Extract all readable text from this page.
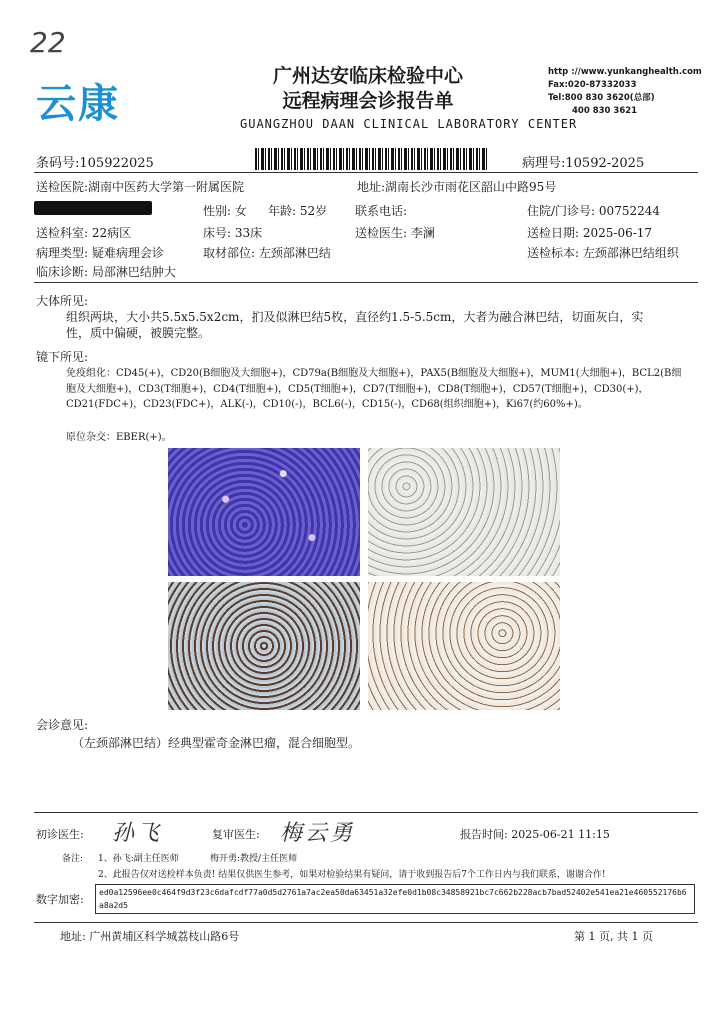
22
云康
广州达安临床检验中心
远程病理会诊报告单
GUANGZHOU DAAN CLINICAL LABORATORY CENTER
http ://www.yunkanghealth.com
Fax:020-87332033
Tel:800 830 3620(总部)
400 830 3621
条码号:105922025	病理号:10592-2025
送检医院:湖南中医药大学第一附属医院	地址:湖南长沙市雨花区韶山中路95号
性别: 女 年龄: 52岁 联系电话:	住院/门诊号: 00752244
送检科室: 22病区	床号: 33床	送检医生: 李澜	送检日期: 2025-06-17
病理类型: 疑难病理会诊	取材部位: 左颈部淋巴结	送检标本: 左颈部淋巴结组织
临床诊断: 局部淋巴结肿大
大体所见:
组织两块，大小共5.5x5.5x2cm，扪及似淋巴结5枚，直径约1.5-5.5cm，大者为融合淋巴结，切面灰白，实性，质中偏硬，被膜完整。
镜下所见:
免疫组化：CD45(+)，CD20(B细胞及大细胞+)，CD79a(B细胞及大细胞+)，PAX5(B细胞及大细胞+)，MUM1(大细胞+)，BCL2(B细胞及大细胞+)，CD3(T细胞+)，CD4(T细胞+)，CD5(T细胞+)，CD7(T细胞+)，CD8(T细胞+)，CD57(T细胞+)，CD30(+)，CD21(FDC+)，CD23(FDC+)，ALK(-)，CD10(-)，BCL6(-)，CD15(-)，CD68(组织细胞+)，Ki67(约60%+)。
原位杂交：EBER(+)。
会诊意见:
（左颈部淋巴结）经典型霍奇金淋巴瘤，混合细胞型。
初诊医生: 孙飞	复审医生: 梅云勇	报告时间: 2025-06-21 11:15
备注: 1、孙飞:副主任医师	梅开勇:教授/主任医师
2、此报告仅对送检样本负责! 结果仅供医生参考，如果对检验结果有疑问，请于收到报告后7个工作日内与我们联系，谢谢合作!
数字加密:
ed0a12596ee0c464f9d3f23c6dafcdf77a0d5d2761a7ac2ea50da63451a32efe0d1b08c34858921bc7c662b228acb7bad52402e541ea21e460552176b6a8a2d5
地址: 广州黄埔区科学城荔枝山路6号	第 1 页, 共 1 页
